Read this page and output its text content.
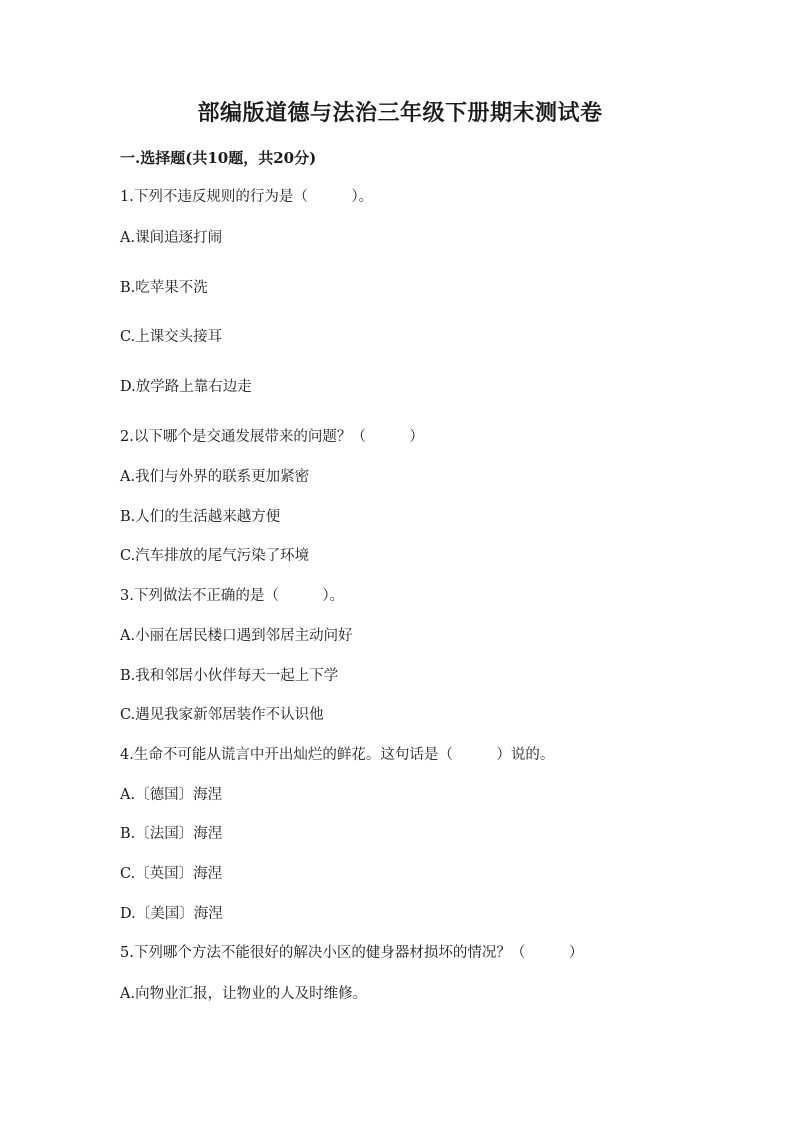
部编版道德与法治三年级下册期末测试卷
一.选择题(共10题，共20分)
1.下列不违反规则的行为是（　　　）。
A.课间追逐打闹
B.吃苹果不洗
C.上课交头接耳
D.放学路上靠右边走
2.以下哪个是交通发展带来的问题？（　　　）
A.我们与外界的联系更加紧密
B.人们的生活越来越方便
C.汽车排放的尾气污染了环境
3.下列做法不正确的是（　　　）。
A.小丽在居民楼口遇到邻居主动问好
B.我和邻居小伙伴每天一起上下学
C.遇见我家新邻居装作不认识他
4.生命不可能从谎言中开出灿烂的鲜花。这句话是（　　　）说的。
A.〔德国〕海涅
B.〔法国〕海涅
C.〔英国〕海涅
D.〔美国〕海涅
5.下列哪个方法不能很好的解决小区的健身器材损坏的情况？（　　　）
A.向物业汇报，让物业的人及时维修。
